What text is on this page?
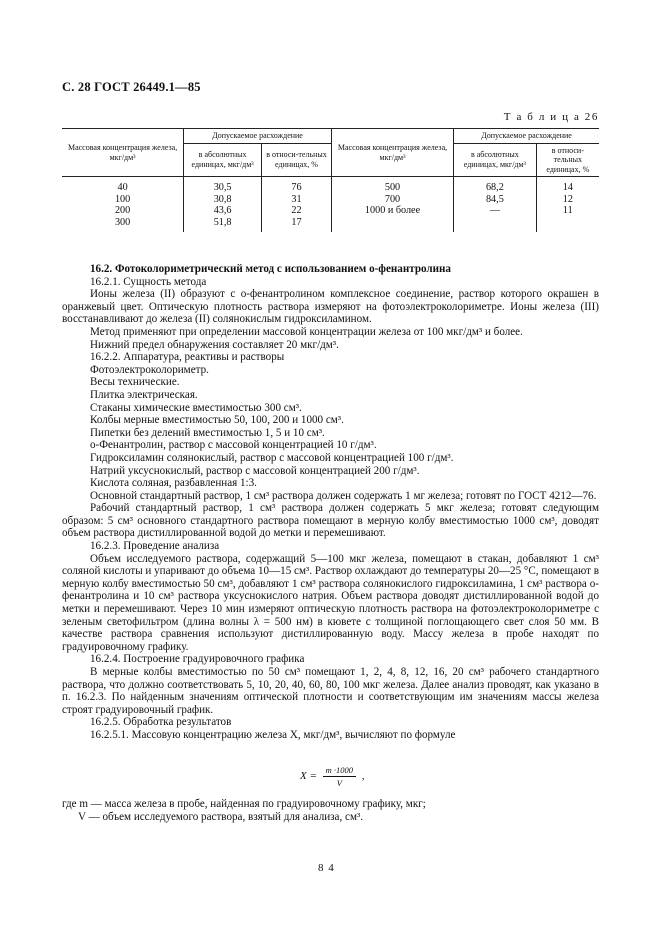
С. 28 ГОСТ 26449.1—85
Т а б л и ц а 26
Массовая концентрация железа, мкг/дм³	Допускаемое расхождение		Массовая концентрация железа, мкг/дм³	Допускаемое расхождение	
	в абсолютных единицах, мкг/дм³	в относи-тельных единицах, %		в абсолютных единицах, мкг/дм³	в относи-тельных единицах, %
40	30,5	76	500	68,2	14
100	30,8	31	700	84,5	12
200	43,6	22	1000 и более	—	11
300	51,8	17			

16.2. Фотоколориметрический метод с использованием о-фенантролина

16.2.1. Сущность метода

Ионы железа (II) образуют с о-фенантролином комплексное соединение, раствор которого окрашен в оранжевый цвет. Оптическую плотность раствора измеряют на фотоэлектроколориметре. Ионы железа (III) восстанавливают до железа (II) солянокислым гидроксиламином.

Метод применяют при определении массовой концентрации железа от 100 мкг/дм³ и более.

Нижний предел обнаружения составляет 20 мкг/дм³.

16.2.2. Аппаратура, реактивы и растворы

Фотоэлектроколориметр.

Весы технические.

Плитка электрическая.

Стаканы химические вместимостью 300 см³.

Колбы мерные вместимостью 50, 100, 200 и 1000 см³.

Пипетки без делений вместимостью 1, 5 и 10 см³.

о-Фенантролин, раствор с массовой концентрацией 10 г/дм³.

Гидроксиламин солянокислый, раствор с массовой концентрацией 100 г/дм³.

Натрий уксуснокислый, раствор с массовой концентрацией 200 г/дм³.

Кислота соляная, разбавленная 1:3.

Основной стандартный раствор, 1 см³ раствора должен содержать 1 мг железа; готовят по ГОСТ 4212—76.

Рабочий стандартный раствор, 1 см³ раствора должен содержать 5 мкг железа; готовят следующим образом: 5 см³ основного стандартного раствора помещают в мерную колбу вместимостью 1000 см³, доводят объем раствора дистиллированной водой до метки и перемешивают.

16.2.3. Проведение анализа

Объем исследуемого раствора, содержащий 5—100 мкг железа, помещают в стакан, добавляют 1 см³ соляной кислоты и упаривают до объема 10—15 см³. Раствор охлаждают до температуры 20—25 °С, помещают в мерную колбу вместимостью 50 см³, добавляют 1 см³ раствора солянокислого гидроксиламина, 1 см³ раствора о-фенантролина и 10 см³ раствора уксуснокислого натрия. Объем раствора доводят дистиллированной водой до метки и перемешивают. Через 10 мин измеряют оптическую плотность раствора на фотоэлектроколориметре с зеленым светофильтром (длина волны λ = 500 нм) в кювете с толщиной поглощающего свет слоя 50 мм. В качестве раствора сравнения используют дистиллированную воду. Массу железа в пробе находят по градуировочному графику.

16.2.4. Построение градуировочного графика

В мерные колбы вместимостью по 50 см³ помещают 1, 2, 4, 8, 12, 16, 20 см³ рабочего стандартного раствора, что должно соответствовать 5, 10, 20, 40, 60, 80, 100 мкг железа. Далее анализ проводят, как указано в п. 16.2.3. По найденным значениям оптической плотности и соответствующим им значениям массы железа строят градуировочный график.

16.2.5. Обработка результатов

16.2.5.1. Массовую концентрацию железа X, мкг/дм³, вычисляют по формуле

$X = \frac{m \cdot 1000}{V}$ ,

где m — масса железа в пробе, найденная по градуировочному графику, мкг;

V — объем исследуемого раствора, взятый для анализа, см³.

8 4
